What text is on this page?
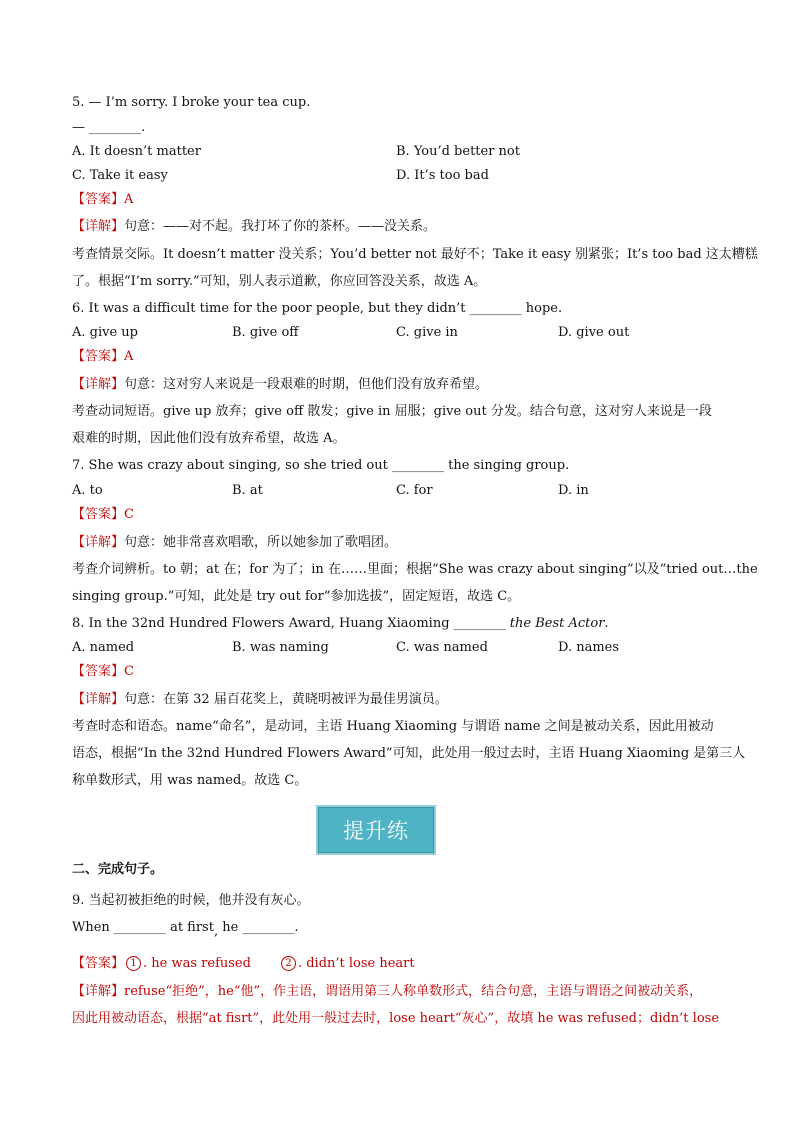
5. — I’m sorry. I broke your tea cup.
— ________.
A. It doesn’t matter	B. You’d better not
C. Take it easy	D. It’s too bad
【答案】A
【详解】句意：——对不起。我打坏了你的茶杯。——没关系。
考查情景交际。It doesn’t matter 没关系；You’d better not 最好不；Take it easy 别紧张；It’s too bad 这太糟糕
了。根据“I’m sorry.”可知，别人表示道歉，你应回答没关系，故选 A。
6. It was a difficult time for the poor people, but they didn’t ________ hope.
A. give up	B. give off	C. give in	D. give out
【答案】A
【详解】句意：这对穷人来说是一段艰难的时期，但他们没有放弃希望。
考查动词短语。give up 放弃；give off 散发；give in 屈服；give out 分发。结合句意，这对穷人来说是一段
艰难的时期，因此他们没有放弃希望，故选 A。
7. She was crazy about singing, so she tried out ________ the singing group.
A. to	B. at	C. for	D. in
【答案】C
【详解】句意：她非常喜欢唱歌，所以她参加了歌唱团。
考查介词辨析。to 朝；at 在；for 为了；in 在……里面；根据“She was crazy about singing”以及“tried out…the
singing group.”可知，此处是 try out for“参加选拔”，固定短语，故选 C。
8. In the 32nd Hundred Flowers Award, Huang Xiaoming ________ the Best Actor.
A. named	B. was naming	C. was named	D. names
【答案】C
【详解】句意：在第 32 届百花奖上，黄晓明被评为最佳男演员。
考查时态和语态。name“命名”，是动词，主语 Huang Xiaoming 与谓语 name 之间是被动关系，因此用被动
语态，根据“In the 32nd Hundred Flowers Award”可知，此处用一般过去时，主语 Huang Xiaoming 是第三人
称单数形式，用 was named。故选 C。
提升练
二、完成句子。
9. 当起初被拒绝的时候，他并没有灰心。
When ________ at first, he ________.
【答案】 1 . he was refused	2 . didn’t lose heart
【详解】refuse“拒绝”，he“他”，作主语，谓语用第三人称单数形式，结合句意，主语与谓语之间被动关系，
因此用被动语态，根据“at fisrt”，此处用一般过去时，lose heart“灰心”，故填 he was refused；didn’t lose
